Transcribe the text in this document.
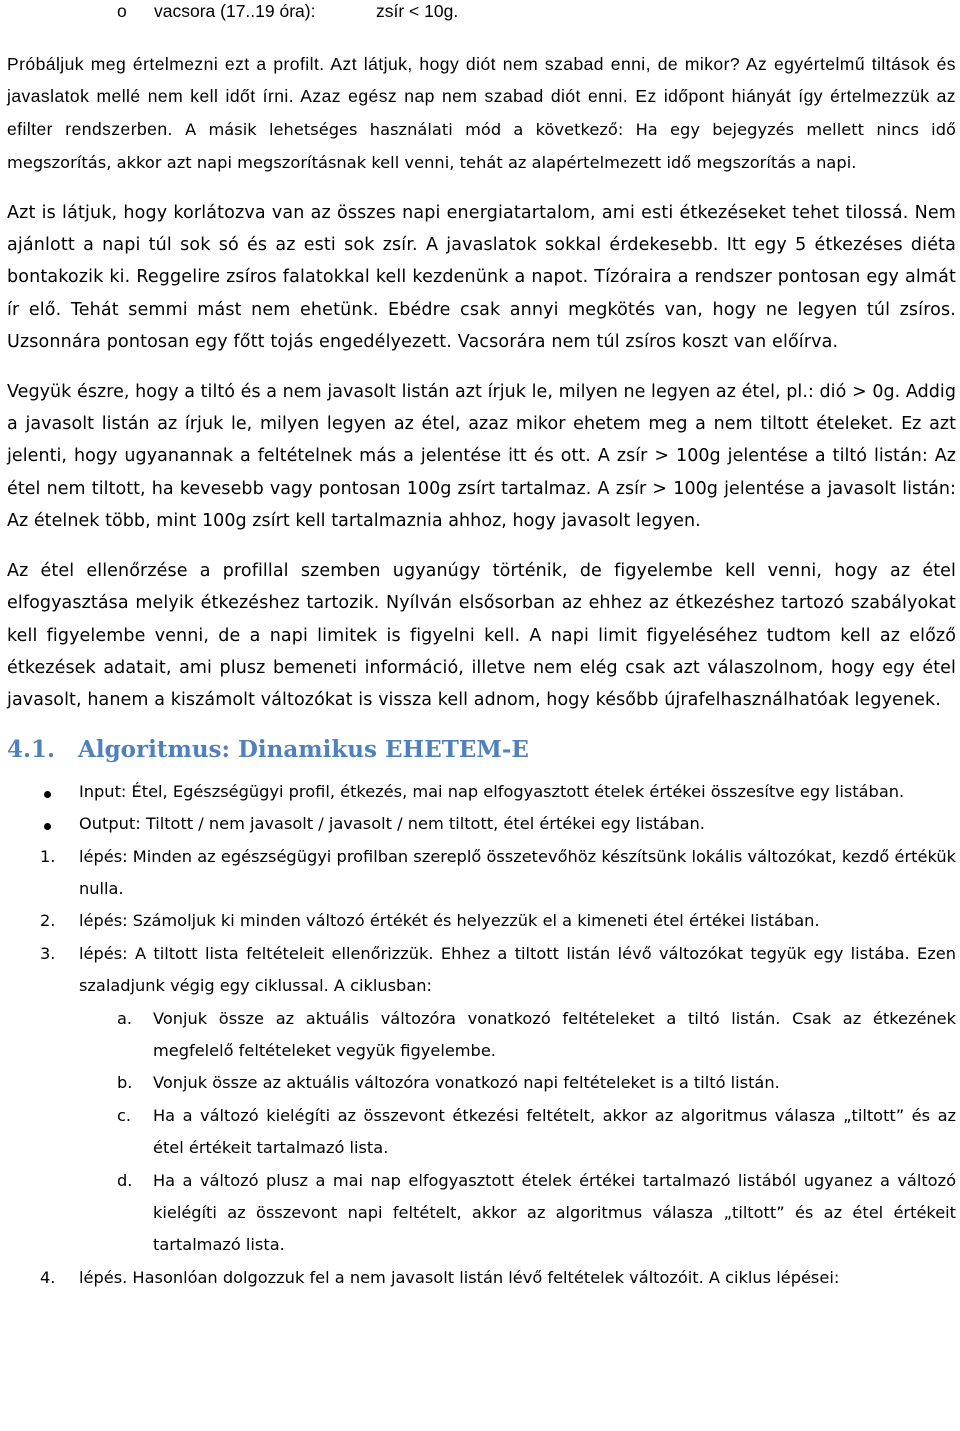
o vacsora (17..19 óra):	zsír < 10g.

Próbáljuk meg értelmezni ezt a profilt. Azt látjuk, hogy diót nem szabad enni, de mikor? Az egyértelmű tiltások és javaslatok mellé nem kell időt írni. Azaz egész nap nem szabad diót enni. Ez időpont hiányát így értelmezzük az efilter rendszerben. A másik lehetséges használati mód a következő: Ha egy bejegyzés mellett nincs idő megszorítás, akkor azt napi megszorításnak kell venni, tehát az alapértelmezett idő megszorítás a napi.

Azt is látjuk, hogy korlátozva van az összes napi energiatartalom, ami esti étkezéseket tehet tilossá. Nem ajánlott a napi túl sok só és az esti sok zsír. A javaslatok sokkal érdekesebb. Itt egy 5 étkezéses diéta bontakozik ki. Reggelire zsíros falatokkal kell kezdenünk a napot. Tízóraira a rendszer pontosan egy almát ír elő. Tehát semmi mást nem ehetünk. Ebédre csak annyi megkötés van, hogy ne legyen túl zsíros. Uzsonnára pontosan egy főtt tojás engedélyezett. Vacsorára nem túl zsíros koszt van előírva.

Vegyük észre, hogy a tiltó és a nem javasolt listán azt írjuk le, milyen ne legyen az étel, pl.: dió > 0g. Addig a javasolt listán az írjuk le, milyen legyen az étel, azaz mikor ehetem meg a nem tiltott ételeket. Ez azt jelenti, hogy ugyanannak a feltételnek más a jelentése itt és ott. A zsír > 100g jelentése a tiltó listán: Az étel nem tiltott, ha kevesebb vagy pontosan 100g zsírt tartalmaz. A zsír > 100g jelentése a javasolt listán: Az ételnek több, mint 100g zsírt kell tartalmaznia ahhoz, hogy javasolt legyen.

Az étel ellenőrzése a profillal szemben ugyanúgy történik, de figyelembe kell venni, hogy az étel elfogyasztása melyik étkezéshez tartozik. Nyílván elsősorban az ehhez az étkezéshez tartozó szabályokat kell figyelembe venni, de a napi limitek is figyelni kell. A napi limit figyeléséhez tudtom kell az előző étkezések adatait, ami plusz bemeneti információ, illetve nem elég csak azt válaszolnom, hogy egy étel javasolt, hanem a kiszámolt változókat is vissza kell adnom, hogy később újrafelhasználhatóak legyenek.

4.1. Algoritmus: Dinamikus EHETEM-E
Input: Étel, Egészségügyi profil, étkezés, mai nap elfogyasztott ételek értékei összesítve egy listában.
Output: Tiltott / nem javasolt / javasolt / nem tiltott, étel értékei egy listában.
1. lépés: Minden az egészségügyi profilban szereplő összetevőhöz készítsünk lokális változókat, kezdő értékük nulla.
2. lépés: Számoljuk ki minden változó értékét és helyezzük el a kimeneti étel értékei listában.
3. lépés: A tiltott lista feltételeit ellenőrizzük. Ehhez a tiltott listán lévő változókat tegyük egy listába. Ezen szaladjunk végig egy ciklussal. A ciklusban:
a. Vonjuk össze az aktuális változóra vonatkozó feltételeket a tiltó listán. Csak az étkezének megfelelő feltételeket vegyük figyelembe.
b. Vonjuk össze az aktuális változóra vonatkozó napi feltételeket is a tiltó listán.
c. Ha a változó kielégíti az összevont étkezési feltételt, akkor az algoritmus válasza „tiltott” és az étel értékeit tartalmazó lista.
d. Ha a változó plusz a mai nap elfogyasztott ételek értékei tartalmazó listából ugyanez a változó kielégíti az összevont napi feltételt, akkor az algoritmus válasza „tiltott” és az étel értékeit tartalmazó lista.
4. lépés. Hasonlóan dolgozzuk fel a nem javasolt listán lévő feltételek változóit. A ciklus lépései:
